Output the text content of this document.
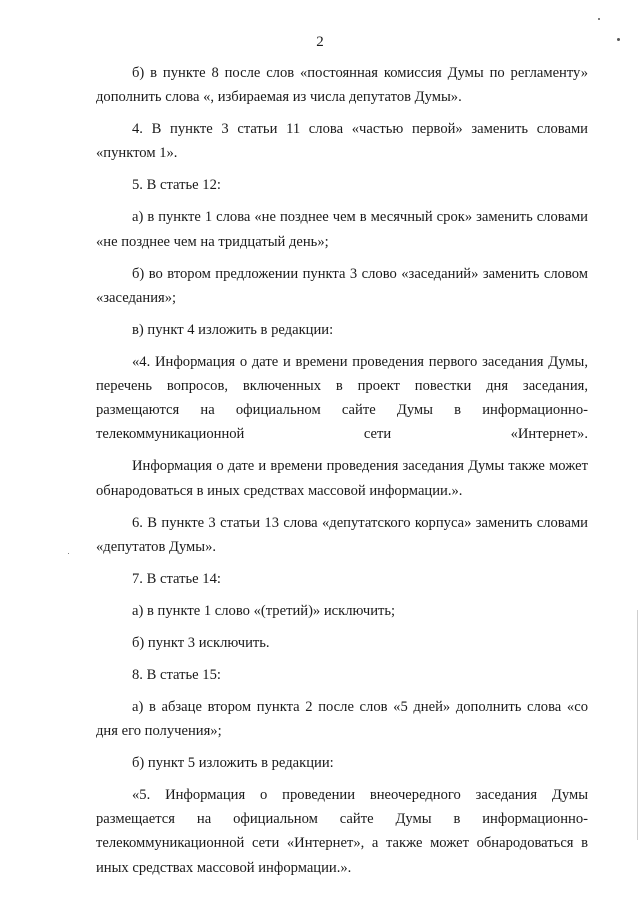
2

б) в пункте 8 после слов «постоянная комиссия Думы по регламенту» дополнить слова «, избираемая из числа депутатов Думы».

4. В пункте 3 статьи 11 слова «частью первой» заменить словами «пунктом 1».

5. В статье 12:

а) в пункте 1 слова «не позднее чем в месячный срок» заменить словами «не позднее чем на тридцатый день»;

б) во втором предложении пункта 3 слово «заседаний» заменить словом «заседания»;

в) пункт 4 изложить в редакции:

«4. Информация о дате и времени проведения первого заседания Думы, перечень вопросов, включенных в проект повестки дня заседания, размещаются на официальном сайте Думы в информационно-телекоммуникационной сети «Интернет».

Информация о дате и времени проведения заседания Думы также может обнародоваться в иных средствах массовой информации.».

6. В пункте 3 статьи 13 слова «депутатского корпуса» заменить словами «депутатов Думы».

7. В статье 14:

а) в пункте 1 слово «(третий)» исключить;

б) пункт 3 исключить.

8. В статье 15:

а) в абзаце втором пункта 2 после слов «5 дней» дополнить слова «со дня его получения»;

б) пункт 5 изложить в редакции:

«5. Информация о проведении внеочередного заседания Думы размещается на официальном сайте Думы в информационно-телекоммуникационной сети «Интернет», а также может обнародоваться в иных средствах массовой информации.».
